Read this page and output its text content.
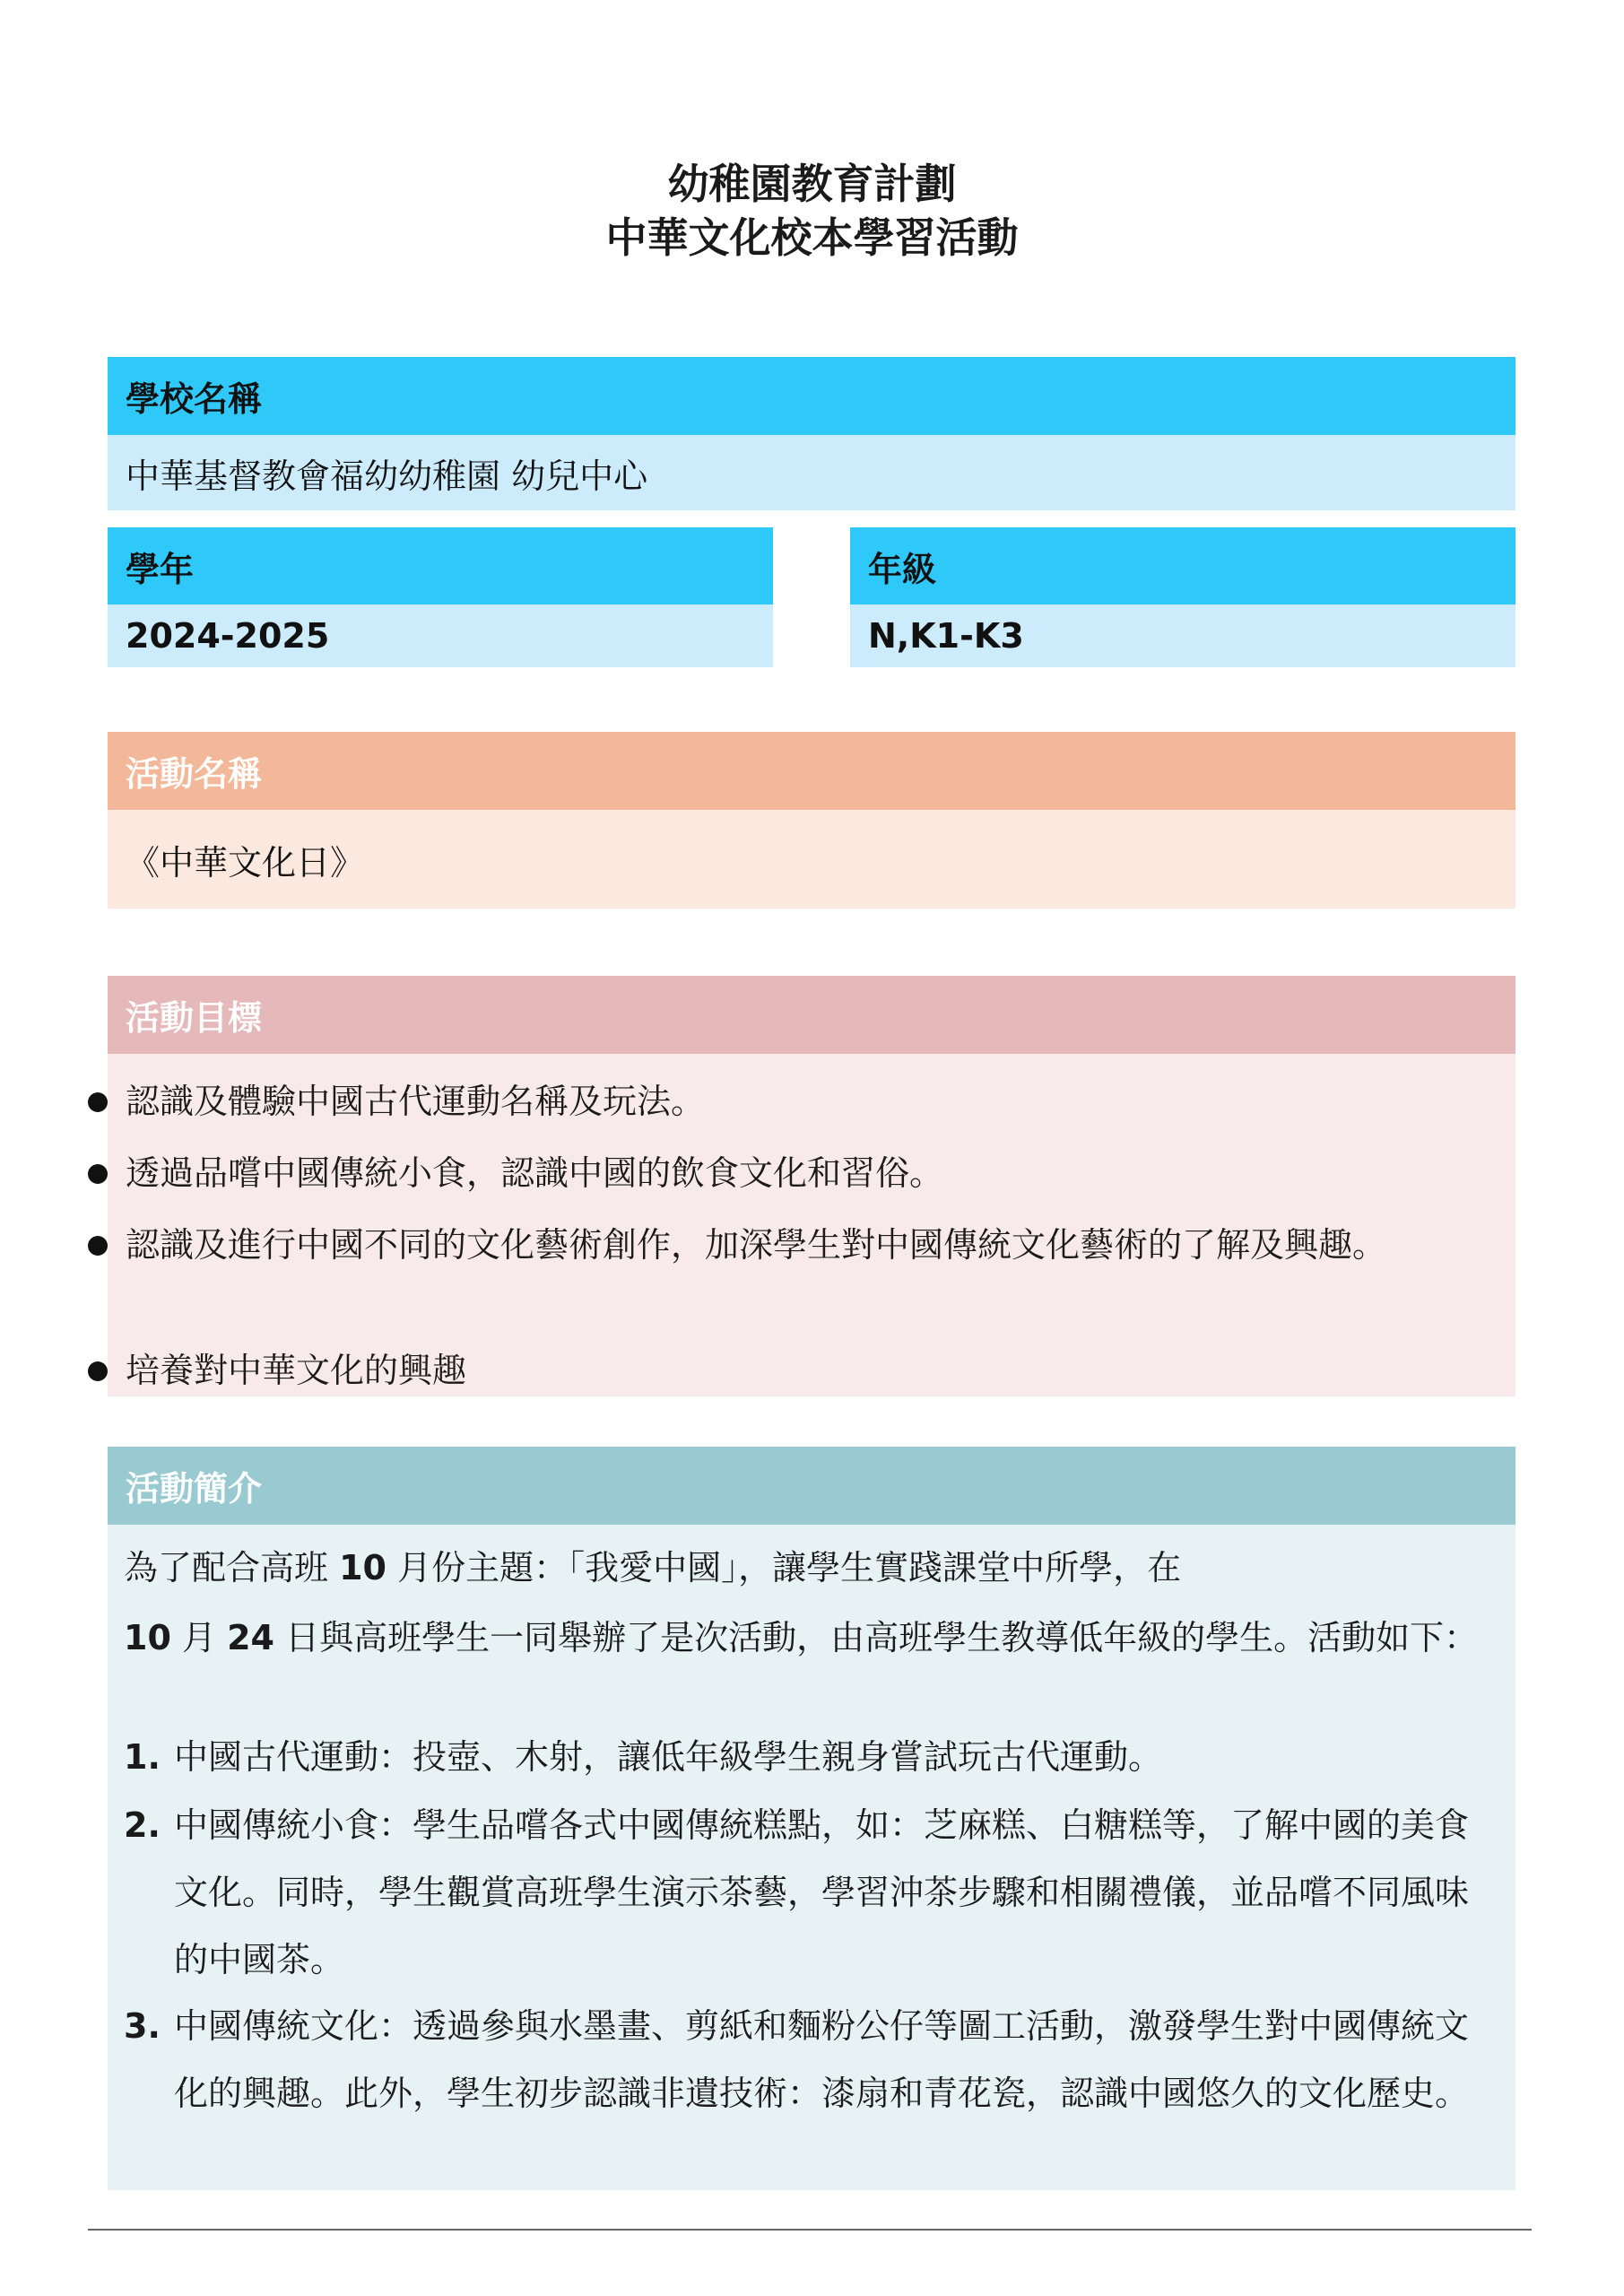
幼稚園教育計劃
中華文化校本學習活動
學校名稱
中華基督教會福幼幼稚園 幼兒中心
學年
2024-2025
年級
N,K1-K3
活動名稱
《中華文化日》
活動目標
認識及體驗中國古代運動名稱及玩法。
透過品嚐中國傳統小食，認識中國的飲食文化和習俗。
認識及進行中國不同的文化藝術創作，加深學生對中國傳統文化藝術的了解及興趣。
培養對中華文化的興趣
活動簡介
為了配合高班 10 月份主題：「我愛中國」，讓學生實踐課堂中所學，在

10 月 24 日與高班學生一同舉辦了是次活動，由高班學生教導低年級的學生。活動如下：
1. 中國古代運動：投壺、木射，讓低年級學生親身嘗試玩古代運動。
2. 中國傳統小食：學生品嚐各式中國傳統糕點，如：芝麻糕、白糖糕等，了解中國的美食文化。同時，學生觀賞高班學生演示茶藝，學習沖茶步驟和相關禮儀，並品嚐不同風味的中國茶。
3. 中國傳統文化：透過參與水墨畫、剪紙和麵粉公仔等圖工活動，激發學生對中國傳統文化的興趣。此外，學生初步認識非遺技術：漆扇和青花瓷，認識中國悠久的文化歷史。
